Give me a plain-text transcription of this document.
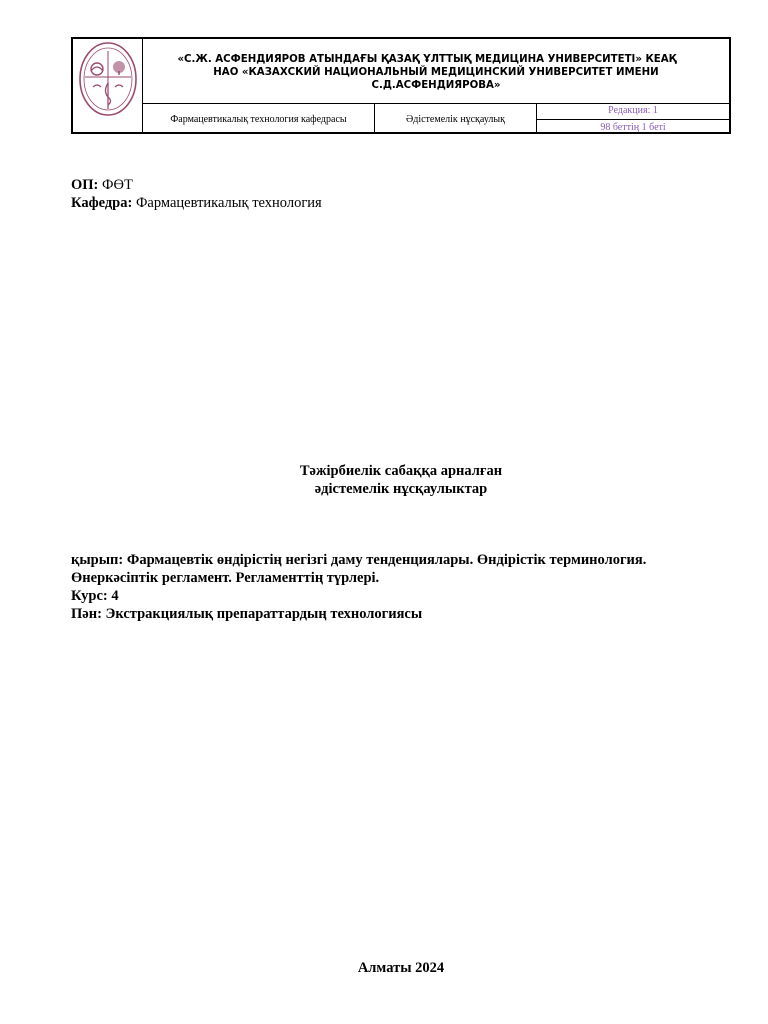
«С.Ж. АСФЕНДИЯРОВ АТЫНДАҒЫ ҚАЗАҚ ҰЛТТЫҚ МЕДИЦИНА УНИВЕРСИТЕТІ» КЕАҚ
НАО «КАЗАХСКИЙ НАЦИОНАЛЬНЫЙ МЕДИЦИНСКИЙ УНИВЕРСИТЕТ ИМЕНИ
С.Д.АСФЕНДИЯРОВА»
Фармацевтикалық технология кафедрасы	Әдістемелік нұсқаулық
Редакция: 1
98 беттің 1 беті
ОП: ФӨТ
Кафедра: Фармацевтикалық технология
Тәжірбиелік сабаққа арналған
әдістемелік нұсқаулыктар
қырып: Фармацевтік өндірістің негізгі даму тенденциялары. Өндірістік терминология.
Өнеркәсіптік регламент. Регламенттің түрлері.
Курс: 4
Пән: Экстракциялық препараттардың технологиясы
Алматы 2024
